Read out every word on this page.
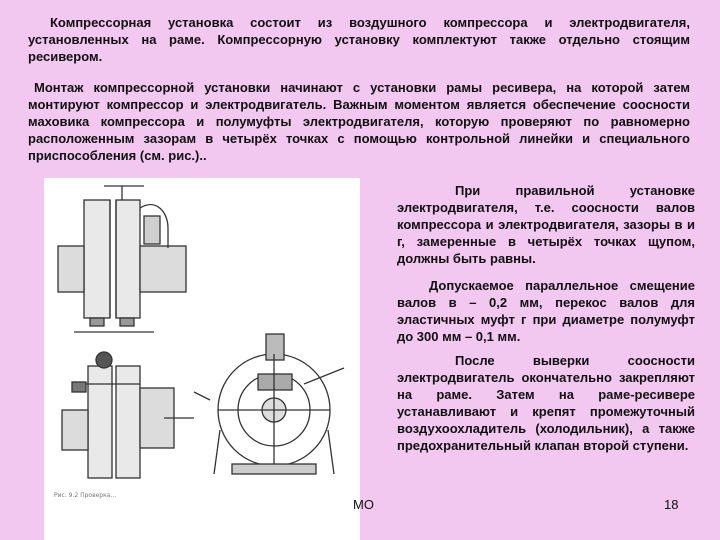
Компрессорная установка состоит из воздушного компрессора и электродвигателя, установленных на раме. Компрессорную установку комплектуют также отдельно стоящим ресивером.

Монтаж компрессорной установки начинают с установки рамы ресивера, на которой затем монтируют компрессор и электродвигатель. Важным моментом является обеспечение соосности маховика компрессора и полумуфты электродвигателя, которую проверяют по равномерно расположенным зазорам в четырёх точках с помощью контрольной линейки и специального приспособления (см. рис.)..

Рис. 9.2 Проверка...

При правильной установке электродвигателя, т.е. соосности валов компрессора и электродвигателя, зазоры в и г, замеренные в четырёх точках щупом, должны быть равны.

Допускаемое параллельное смещение валов в – 0,2 мм, перекос валов для эластичных муфт г при диаметре полумуфт до 300 мм – 0,1 мм.

После выверки соосности электродвигатель окончательно закрепляют на раме. Затем на раме-ресивере устанавливают и крепят промежуточный воздухоохладитель (холодильник), а также предохранительный клапан второй ступени.

МО	18
